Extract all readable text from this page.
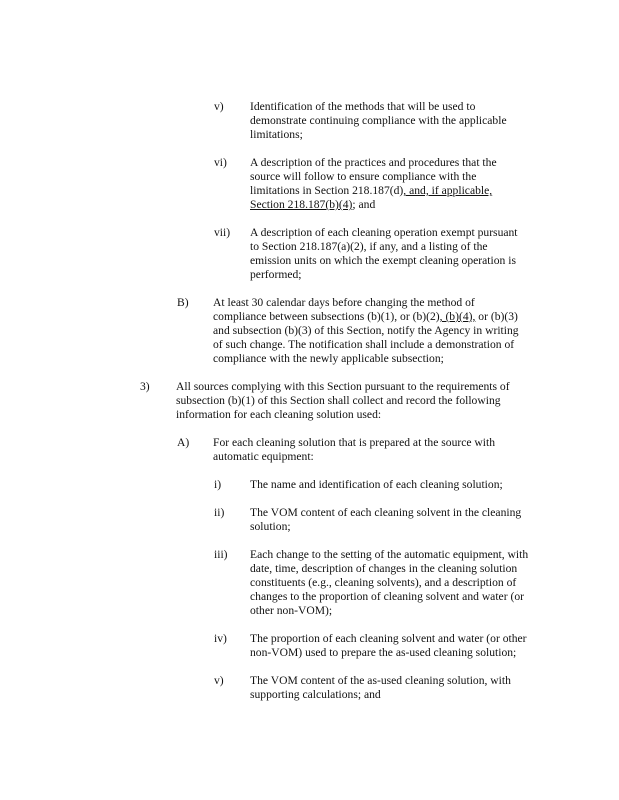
v) Identification of the methods that will be used to
demonstrate continuing compliance with the applicable
limitations;
vi) A description of the practices and procedures that the
source will follow to ensure compliance with the
limitations in Section 218.187(d), and, if applicable,
Section 218.187(b)(4); and
vii) A description of each cleaning operation exempt pursuant
to Section 218.187(a)(2), if any, and a listing of the
emission units on which the exempt cleaning operation is
performed;
B) At least 30 calendar days before changing the method of
compliance between subsections (b)(1), or (b)(2), (b)(4), or (b)(3)
and subsection (b)(3) of this Section, notify the Agency in writing
of such change. The notification shall include a demonstration of
compliance with the newly applicable subsection;
3) All sources complying with this Section pursuant to the requirements of
subsection (b)(1) of this Section shall collect and record the following
information for each cleaning solution used:
A) For each cleaning solution that is prepared at the source with
automatic equipment:
i) The name and identification of each cleaning solution;
ii) The VOM content of each cleaning solvent in the cleaning
solution;
iii) Each change to the setting of the automatic equipment, with
date, time, description of changes in the cleaning solution
constituents (e.g., cleaning solvents), and a description of
changes to the proportion of cleaning solvent and water (or
other non-VOM);
iv) The proportion of each cleaning solvent and water (or other
non-VOM) used to prepare the as-used cleaning solution;
v) The VOM content of the as-used cleaning solution, with
supporting calculations; and
